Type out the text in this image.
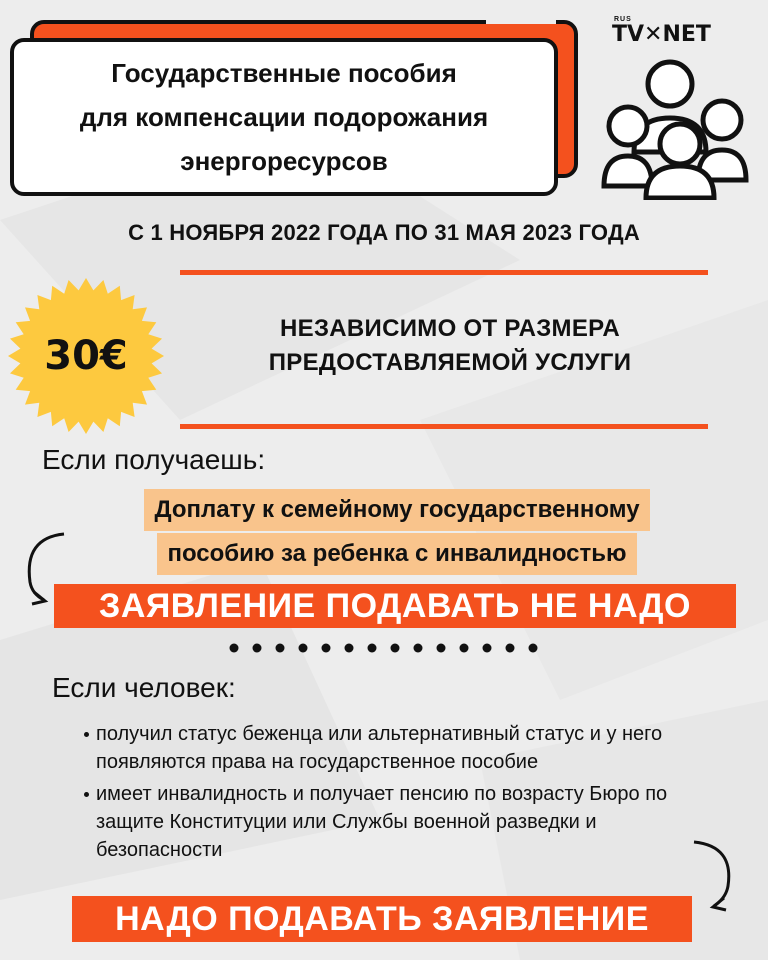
Государственные пособия
для компенсации подорожания
энергоресурсов
RUS
TV✕NET
С 1 НОЯБРЯ 2022 ГОДА ПО 31 МАЯ 2023 ГОДА
30€
НЕЗАВИСИМО ОТ РАЗМЕРА
ПРЕДОСТАВЛЯЕМОЙ УСЛУГИ
Если получаешь:
Доплату к семейному государственному
пособию за ребенка с инвалидностью
ЗАЯВЛЕНИЕ ПОДАВАТЬ НЕ НАДО
Если человек:
получил статус беженца или альтернативный статус и у него появляются права на государственное пособие
имеет инвалидность и получает пенсию по возрасту Бюро по защите Конституции или Службы военной разведки и безопасности
НАДО ПОДАВАТЬ ЗАЯВЛЕНИЕ
